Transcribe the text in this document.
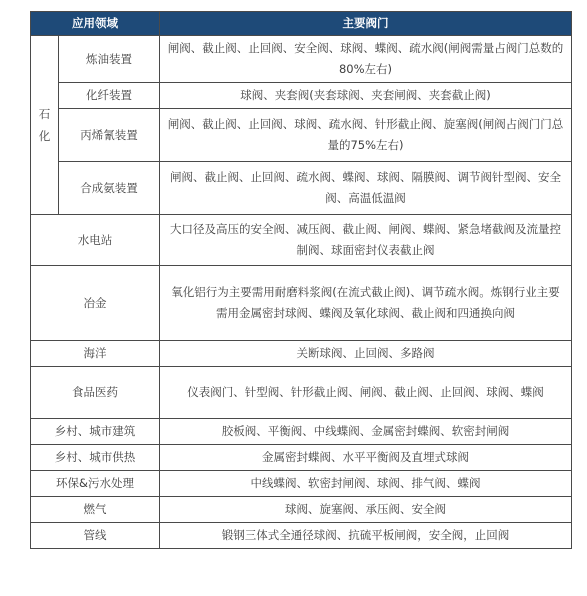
应用领域		主要阀门
石
化	炼油装置	闸阀、截止阀、止回阀、安全阀、球阀、蝶阀、疏水阀(闸阀需量占阀门总数的80%左右)
	化纤装置	球阀、夹套阀(夹套球阀、夹套闸阀、夹套截止阀)
	丙烯氰装置	闸阀、截止阀、止回阀、球阀、疏水阀、针形截止阀、旋塞阀(闸阀占阀门门总量的75%左右)
	合成氨装置	闸阀、截止阀、止回阀、疏水阀、蝶阀、球阀、隔膜阀、调节阀针型阀、安全阀、高温低温阀
水电站		大口径及高压的安全阀、减压阀、截止阀、闸阀、蝶阀、紧急堵截阀及流量控制阀、球面密封仪表截止阀
冶金		氧化铝行为主要需用耐磨料浆阀(在流式截止阀)、调节疏水阀。炼钢行业主要需用金属密封球阀、蝶阀及氧化球阀、截止阀和四通换向阀
海洋		关断球阀、止回阀、多路阀
食品医药		仪表阀门、针型阀、针形截止阀、闸阀、截止阀、止回阀、球阀、蝶阀
乡村、城市建筑		胶板阀、平衡阀、中线蝶阀、金属密封蝶阀、软密封闸阀
乡村、城市供热		金属密封蝶阀、水平平衡阀及直埋式球阀
环保&污水处理		中线蝶阀、软密封闸阀、球阀、排气阀、蝶阀
燃气		球阀、旋塞阀、承压阀、安全阀
管线		锻钢三体式全通径球阀、抗硫平板闸阀，安全阀，止回阀
